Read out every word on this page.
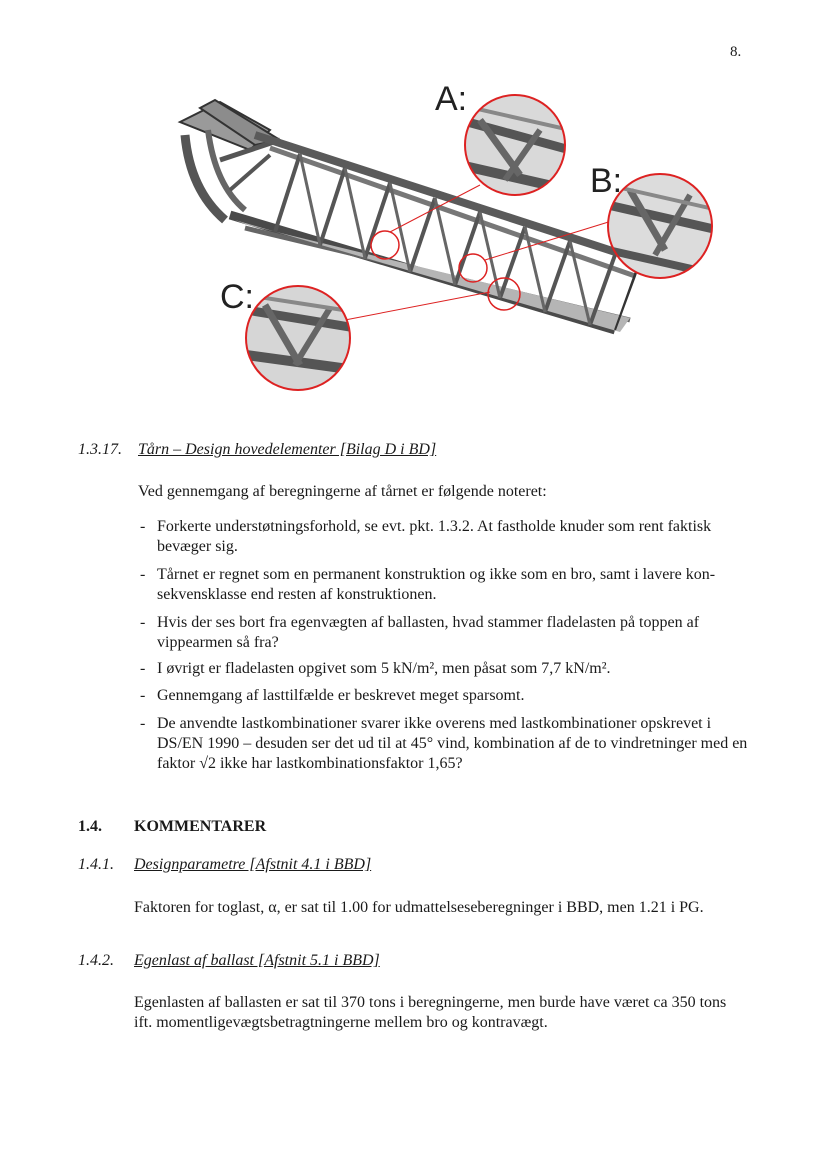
8.
A:
B:
C:
1.3.17. Tårn – Design hovedelementer [Bilag D i BD]
Ved gennemgang af beregningerne af tårnet er følgende noteret:
- Forkerte understøtningsforhold, se evt. pkt. 1.3.2. At fastholde knuder som rent faktisk bevæger sig.
- Tårnet er regnet som en permanent konstruktion og ikke som en bro, samt i lavere kon-sekvensklasse end resten af konstruktionen.
- Hvis der ses bort fra egenvægten af ballasten, hvad stammer fladelasten på toppen af vippearmen så fra?
- I øvrigt er fladelasten opgivet som 5 kN/m², men påsat som 7,7 kN/m².
- Gennemgang af lasttilfælde er beskrevet meget sparsomt.
- De anvendte lastkombinationer svarer ikke overens med lastkombinationer opskrevet i DS/EN 1990 – desuden ser det ud til at 45° vind, kombination af de to vindretninger med en faktor √2 ikke har lastkombinationsfaktor 1,65?
1.4. KOMMENTARER
1.4.1. Designparametre [Afstnit 4.1 i BBD]
Faktoren for toglast, α, er sat til 1.00 for udmattelseseberegninger i BBD, men 1.21 i PG.
1.4.2. Egenlast af ballast [Afstnit 5.1 i BBD]
Egenlasten af ballasten er sat til 370 tons i beregningerne, men burde have været ca 350 tons ift. momentligevægtsbetragtningerne mellem bro og kontravægt.
